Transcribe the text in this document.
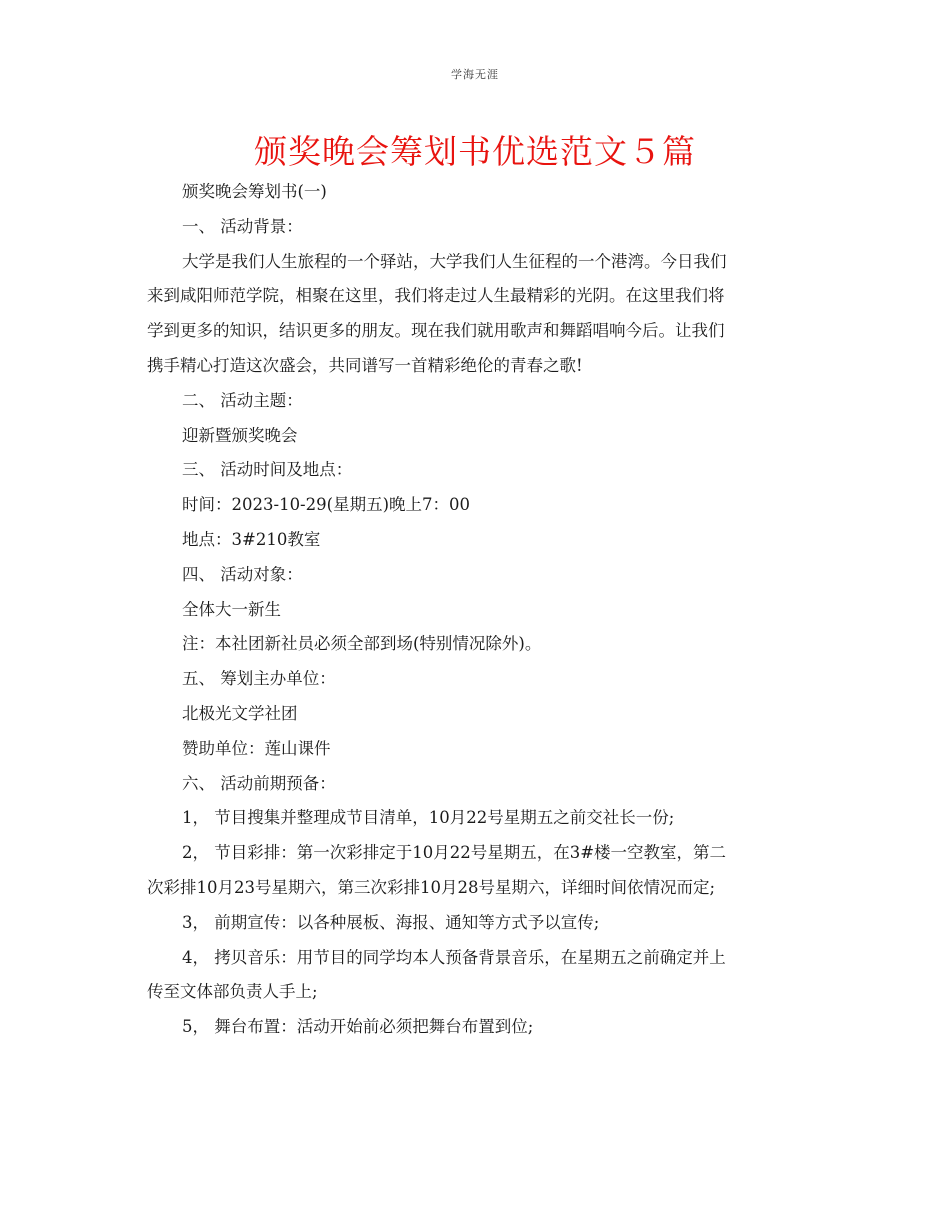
学海无涯
颁奖晚会筹划书优选范文５篇
颁奖晚会筹划书(一)
一、 活动背景：
大学是我们人生旅程的一个驿站，大学我们人生征程的一个港湾。今日我们
来到咸阳师范学院，相聚在这里，我们将走过人生最精彩的光阴。在这里我们将
学到更多的知识，结识更多的朋友。现在我们就用歌声和舞蹈唱响今后。让我们
携手精心打造这次盛会，共同谱写一首精彩绝伦的青春之歌!
二、 活动主题：
迎新暨颁奖晚会
三、 活动时间及地点：
时间：2023-10-29(星期五)晚上7：00
地点：3#210教室
四、 活动对象：
全体大一新生
注：本社团新社员必须全部到场(特别情况除外)。
五、 筹划主办单位：
北极光文学社团
赞助单位：莲山课件
六、 活动前期预备：
1， 节目搜集并整理成节目清单，10月22号星期五之前交社长一份;
2， 节目彩排：第一次彩排定于10月22号星期五，在3#楼一空教室，第二
次彩排10月23号星期六，第三次彩排10月28号星期六，详细时间依情况而定;
3， 前期宣传：以各种展板、海报、通知等方式予以宣传;
4， 拷贝音乐：用节目的同学均本人预备背景音乐，在星期五之前确定并上
传至文体部负责人手上;
5， 舞台布置：活动开始前必须把舞台布置到位;
